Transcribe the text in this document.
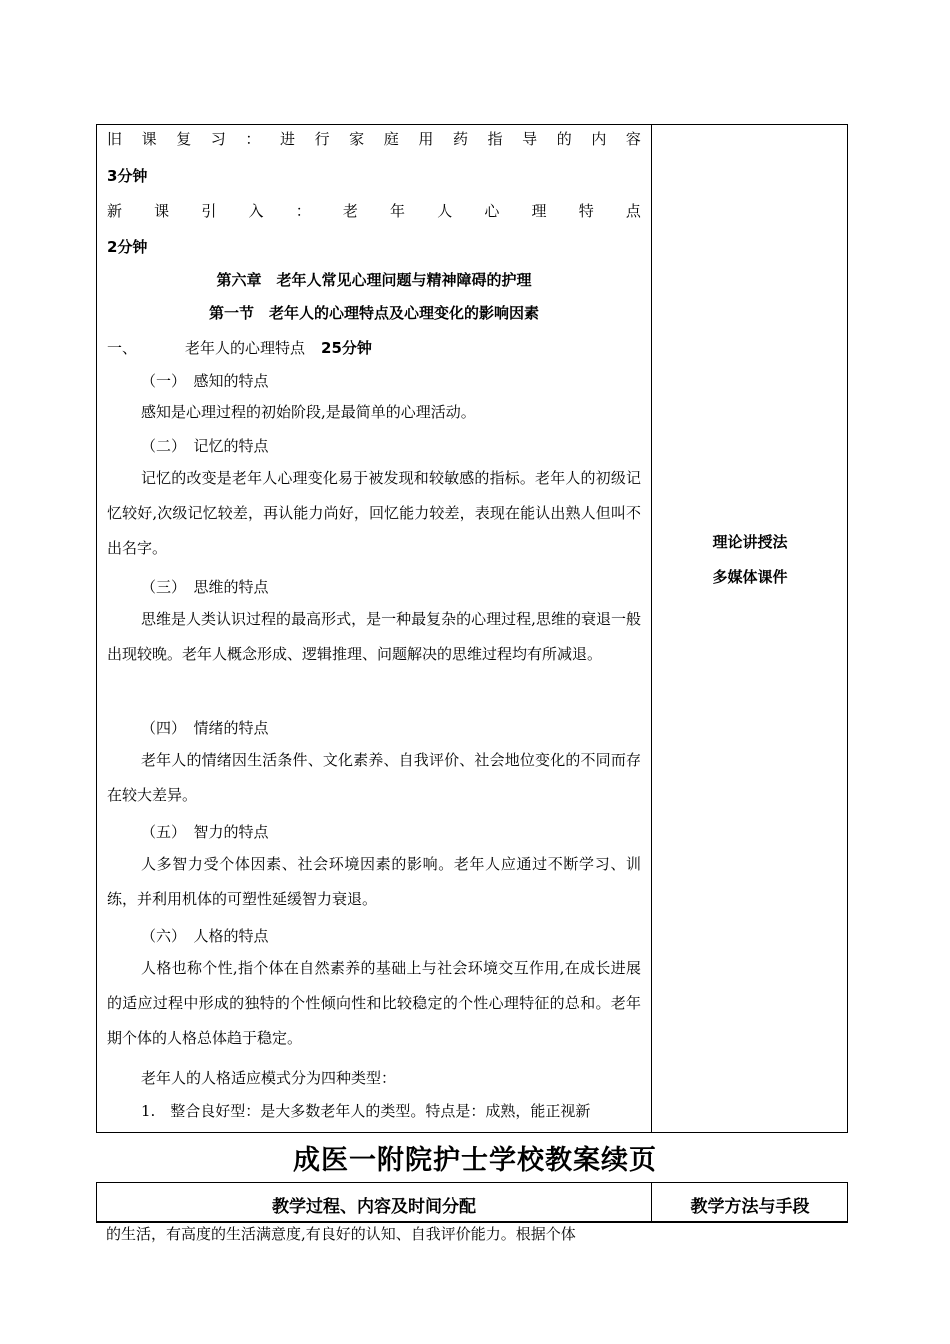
旧 课 复 习 ： 进 行 家 庭 用 药 指 导 的 内 容
3分钟
新 课 引 入 ： 老 年 人 心 理 特 点
2分钟
第六章　老年人常见心理问题与精神障碍的护理
第一节　老年人的心理特点及心理变化的影响因素
一、	老年人的心理特点 25分钟
（一）　感知的特点
感知是心理过程的初始阶段,是最简单的心理活动。
（二）　记忆的特点
记忆的改变是老年人心理变化易于被发现和较敏感的指标。老年人的初级记忆较好,次级记忆较差，再认能力尚好，回忆能力较差，表现在能认出熟人但叫不出名字。
（三）　思维的特点
思维是人类认识过程的最高形式，是一种最复杂的心理过程,思维的衰退一般出现较晚。老年人概念形成、逻辑推理、问题解决的思维过程均有所减退。
（四）　情绪的特点
老年人的情绪因生活条件、文化素养、自我评价、社会地位变化的不同而存在较大差异。
（五）　智力的特点
人多智力受个体因素、社会环境因素的影响。老年人应通过不断学习、训练，并利用机体的可塑性延缓智力衰退。
（六）　人格的特点
人格也称个性,指个体在自然素养的基础上与社会环境交互作用,在成长进展的适应过程中形成的独特的个性倾向性和比较稳定的个性心理特征的总和。老年期个体的人格总体趋于稳定。
老年人的人格适应模式分为四种类型：
1.　整合良好型：是大多数老年人的类型。特点是：成熟，能正视新
理论讲授法
多媒体课件
成医一附院护士学校教案续页
教学过程、内容及时间分配	教学方法与手段
的生活，有高度的生活满意度,有良好的认知、自我评价能力。根据个体
